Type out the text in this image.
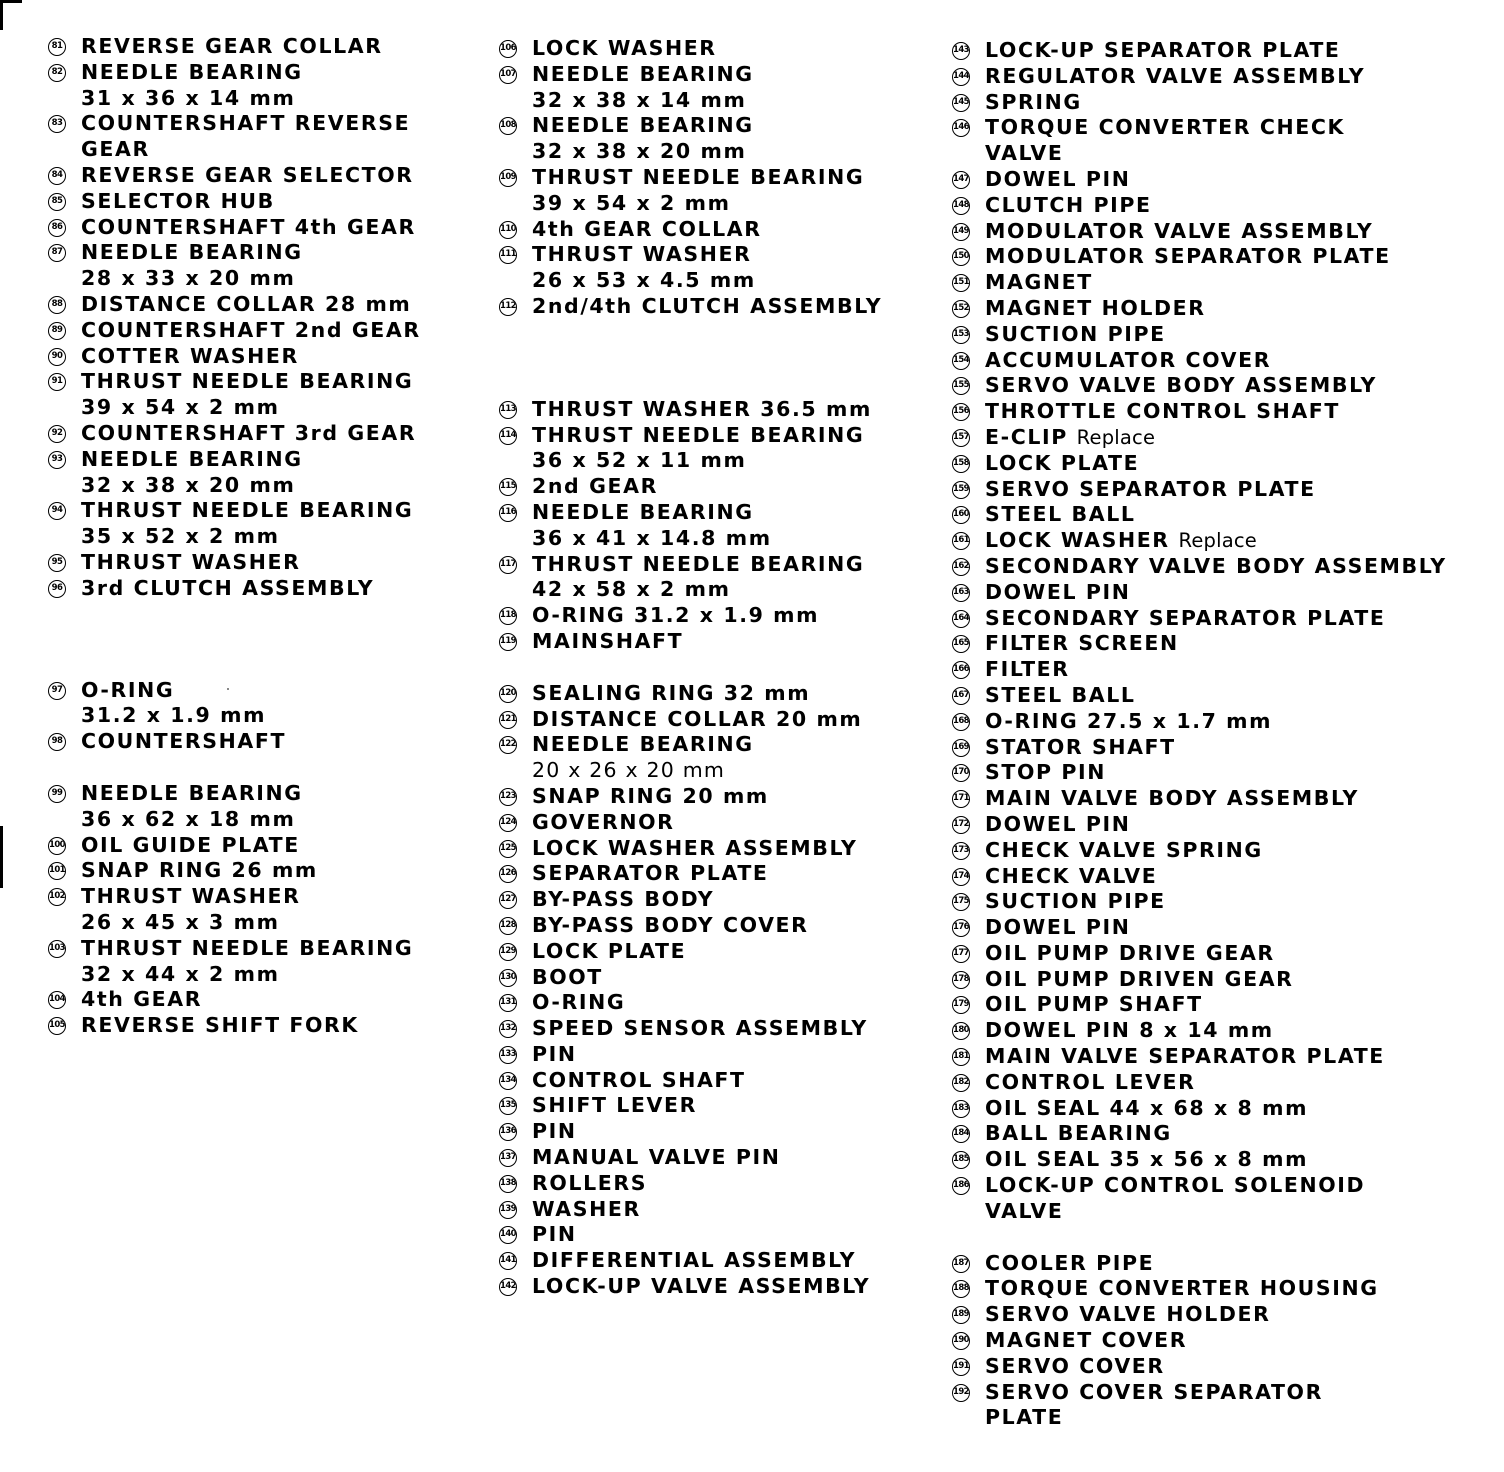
81 REVERSE GEAR COLLAR
82 NEEDLE BEARING
31 x 36 x 14 mm
83 COUNTERSHAFT REVERSE
GEAR
84 REVERSE GEAR SELECTOR
85 SELECTOR HUB
86 COUNTERSHAFT 4th GEAR
87 NEEDLE BEARING
28 x 33 x 20 mm
88 DISTANCE COLLAR 28 mm
89 COUNTERSHAFT 2nd GEAR
90 COTTER WASHER
91 THRUST NEEDLE BEARING
39 x 54 x 2 mm
92 COUNTERSHAFT 3rd GEAR
93 NEEDLE BEARING
32 x 38 x 20 mm
94 THRUST NEEDLE BEARING
35 x 52 x 2 mm
95 THRUST WASHER
96 3rd CLUTCH ASSEMBLY
97 O-RING
31.2 x 1.9 mm
98 COUNTERSHAFT
99 NEEDLE BEARING
36 x 62 x 18 mm
100 OIL GUIDE PLATE
101 SNAP RING 26 mm
102 THRUST WASHER
26 x 45 x 3 mm
103 THRUST NEEDLE BEARING
32 x 44 x 2 mm
104 4th GEAR
105 REVERSE SHIFT FORK
106 LOCK WASHER
107 NEEDLE BEARING
32 x 38 x 14 mm
108 NEEDLE BEARING
32 x 38 x 20 mm
109 THRUST NEEDLE BEARING
39 x 54 x 2 mm
110 4th GEAR COLLAR
111 THRUST WASHER
26 x 53 x 4.5 mm
112 2nd/4th CLUTCH ASSEMBLY
113 THRUST WASHER 36.5 mm
114 THRUST NEEDLE BEARING
36 x 52 x 11 mm
115 2nd GEAR
116 NEEDLE BEARING
36 x 41 x 14.8 mm
117 THRUST NEEDLE BEARING
42 x 58 x 2 mm
118 O-RING 31.2 x 1.9 mm
119 MAINSHAFT
120 SEALING RING 32 mm
121 DISTANCE COLLAR 20 mm
122 NEEDLE BEARING
20 x 26 x 20 mm
123 SNAP RING 20 mm
124 GOVERNOR
125 LOCK WASHER ASSEMBLY
126 SEPARATOR PLATE
127 BY-PASS BODY
128 BY-PASS BODY COVER
129 LOCK PLATE
130 BOOT
131 O-RING
132 SPEED SENSOR ASSEMBLY
133 PIN
134 CONTROL SHAFT
135 SHIFT LEVER
136 PIN
137 MANUAL VALVE PIN
138 ROLLERS
139 WASHER
140 PIN
141 DIFFERENTIAL ASSEMBLY
142 LOCK-UP VALVE ASSEMBLY
143 LOCK-UP SEPARATOR PLATE
144 REGULATOR VALVE ASSEMBLY
145 SPRING
146 TORQUE CONVERTER CHECK
VALVE
147 DOWEL PIN
148 CLUTCH PIPE
149 MODULATOR VALVE ASSEMBLY
150 MODULATOR SEPARATOR PLATE
151 MAGNET
152 MAGNET HOLDER
153 SUCTION PIPE
154 ACCUMULATOR COVER
155 SERVO VALVE BODY ASSEMBLY
156 THROTTLE CONTROL SHAFT
157 E-CLIP Replace
158 LOCK PLATE
159 SERVO SEPARATOR PLATE
160 STEEL BALL
161 LOCK WASHER Replace
162 SECONDARY VALVE BODY ASSEMBLY
163 DOWEL PIN
164 SECONDARY SEPARATOR PLATE
165 FILTER SCREEN
166 FILTER
167 STEEL BALL
168 O-RING 27.5 x 1.7 mm
169 STATOR SHAFT
170 STOP PIN
171 MAIN VALVE BODY ASSEMBLY
172 DOWEL PIN
173 CHECK VALVE SPRING
174 CHECK VALVE
175 SUCTION PIPE
176 DOWEL PIN
177 OIL PUMP DRIVE GEAR
178 OIL PUMP DRIVEN GEAR
179 OIL PUMP SHAFT
180 DOWEL PIN 8 x 14 mm
181 MAIN VALVE SEPARATOR PLATE
182 CONTROL LEVER
183 OIL SEAL 44 x 68 x 8 mm
184 BALL BEARING
185 OIL SEAL 35 x 56 x 8 mm
186 LOCK-UP CONTROL SOLENOID
VALVE
187 COOLER PIPE
188 TORQUE CONVERTER HOUSING
189 SERVO VALVE HOLDER
190 MAGNET COVER
191 SERVO COVER
192 SERVO COVER SEPARATOR
PLATE
